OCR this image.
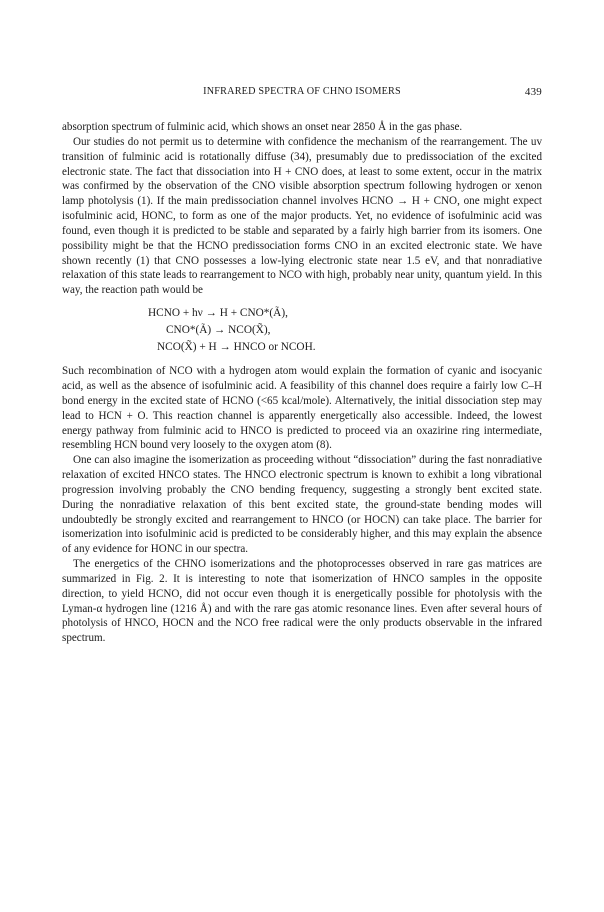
INFRARED SPECTRA OF CHNO ISOMERS	439

absorption spectrum of fulminic acid, which shows an onset near 2850 Å in the gas phase.

Our studies do not permit us to determine with confidence the mechanism of the rearrangement. The uv transition of fulminic acid is rotationally diffuse (34), presumably due to predissociation of the excited electronic state. The fact that dissociation into H + CNO does, at least to some extent, occur in the matrix was confirmed by the observation of the CNO visible absorption spectrum following hydrogen or xenon lamp photolysis (1). If the main predissociation channel involves HCNO → H + CNO, one might expect isofulminic acid, HONC, to form as one of the major products. Yet, no evidence of isofulminic acid was found, even though it is predicted to be stable and separated by a fairly high barrier from its isomers. One possibility might be that the HCNO predissociation forms CNO in an excited electronic state. We have shown recently (1) that CNO possesses a low-lying electronic state near 1.5 eV, and that nonradiative relaxation of this state leads to rearrangement to NCO with high, probably near unity, quantum yield. In this way, the reaction path would be

HCNO + hν → H + CNO*(Ã),
CNO*(Ã) → NCO(X̃),
NCO(X̃) + H → HNCO or NCOH.

Such recombination of NCO with a hydrogen atom would explain the formation of cyanic and isocyanic acid, as well as the absence of isofulminic acid. A feasibility of this channel does require a fairly low C–H bond energy in the excited state of HCNO (<65 kcal/mole). Alternatively, the initial dissociation step may lead to HCN + O. This reaction channel is apparently energetically also accessible. Indeed, the lowest energy pathway from fulminic acid to HNCO is predicted to proceed via an oxazirine ring intermediate, resembling HCN bound very loosely to the oxygen atom (8).

One can also imagine the isomerization as proceeding without “dissociation” during the fast nonradiative relaxation of excited HNCO states. The HNCO electronic spectrum is known to exhibit a long vibrational progression involving probably the CNO bending frequency, suggesting a strongly bent excited state. During the nonradiative relaxation of this bent excited state, the ground-state bending modes will undoubtedly be strongly excited and rearrangement to HNCO (or HOCN) can take place. The barrier for isomerization into isofulminic acid is predicted to be considerably higher, and this may explain the absence of any evidence for HONC in our spectra.

The energetics of the CHNO isomerizations and the photoprocesses observed in rare gas matrices are summarized in Fig. 2. It is interesting to note that isomerization of HNCO samples in the opposite direction, to yield HCNO, did not occur even though it is energetically possible for photolysis with the Lyman-α hydrogen line (1216 Å) and with the rare gas atomic resonance lines. Even after several hours of photolysis of HNCO, HOCN and the NCO free radical were the only products observable in the infrared spectrum.
